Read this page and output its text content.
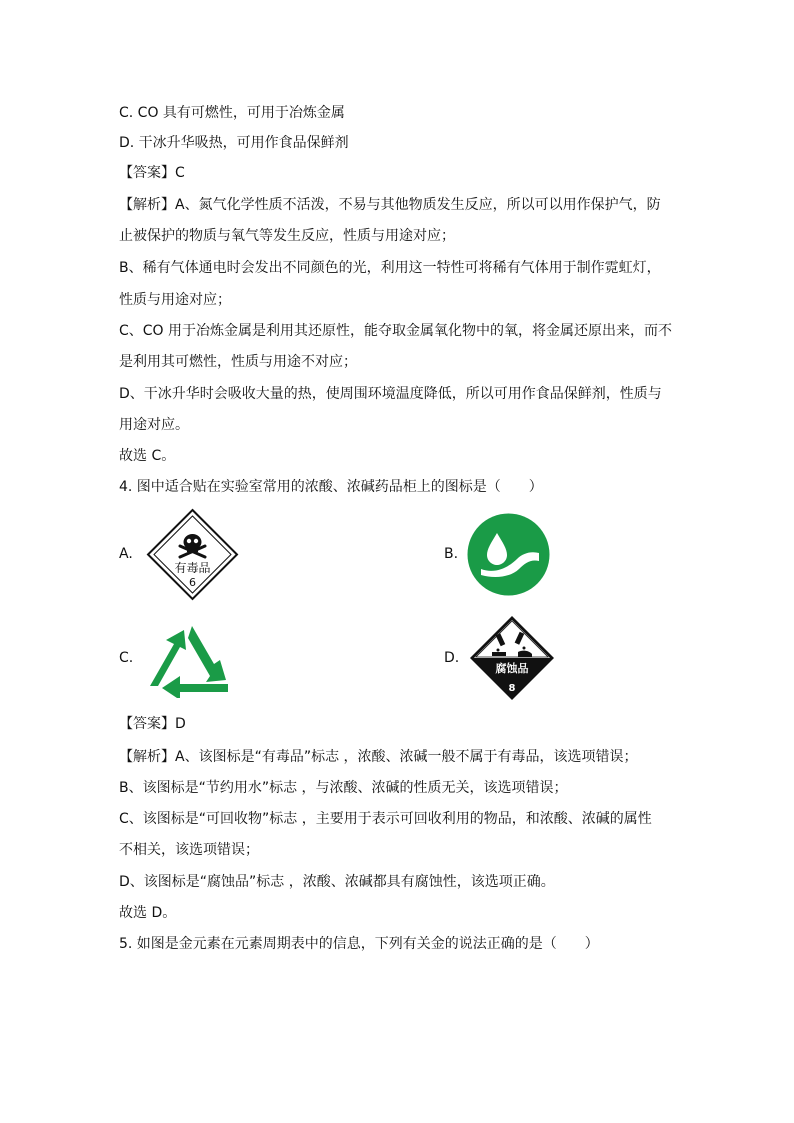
C. CO 具有可燃性，可用于冶炼金属
D. 干冰升华吸热，可用作食品保鲜剂
【答案】C
【解析】A、氮气化学性质不活泼，不易与其他物质发生反应，所以可以用作保护气，防
止被保护的物质与氧气等发生反应，性质与用途对应；
B、稀有气体通电时会发出不同颜色的光，利用这一特性可将稀有气体用于制作霓虹灯，
性质与用途对应；
C、CO 用于冶炼金属是利用其还原性，能夺取金属氧化物中的氧，将金属还原出来，而不
是利用其可燃性，性质与用途不对应；
D、干冰升华时会吸收大量的热，使周围环境温度降低，所以可用作食品保鲜剂，性质与
用途对应。
故选 C。
4. 图中适合贴在实验室常用的浓酸、浓碱药品柜上的图标是（　　）
A.	B.
C.	D.
有毒品
6
腐蚀品
8
【答案】D
【解析】A、该图标是“有毒品”标志 ，浓酸、浓碱一般不属于有毒品，该选项错误；
B、该图标是“节约用水”标志 ，与浓酸、浓碱的性质无关，该选项错误；
C、该图标是“可回收物”标志 ，主要用于表示可回收利用的物品，和浓酸、浓碱的属性
不相关，该选项错误；
D、该图标是“腐蚀品”标志 ，浓酸、浓碱都具有腐蚀性，该选项正确。
故选 D。
5. 如图是金元素在元素周期表中的信息，下列有关金的说法正确的是（　　）
